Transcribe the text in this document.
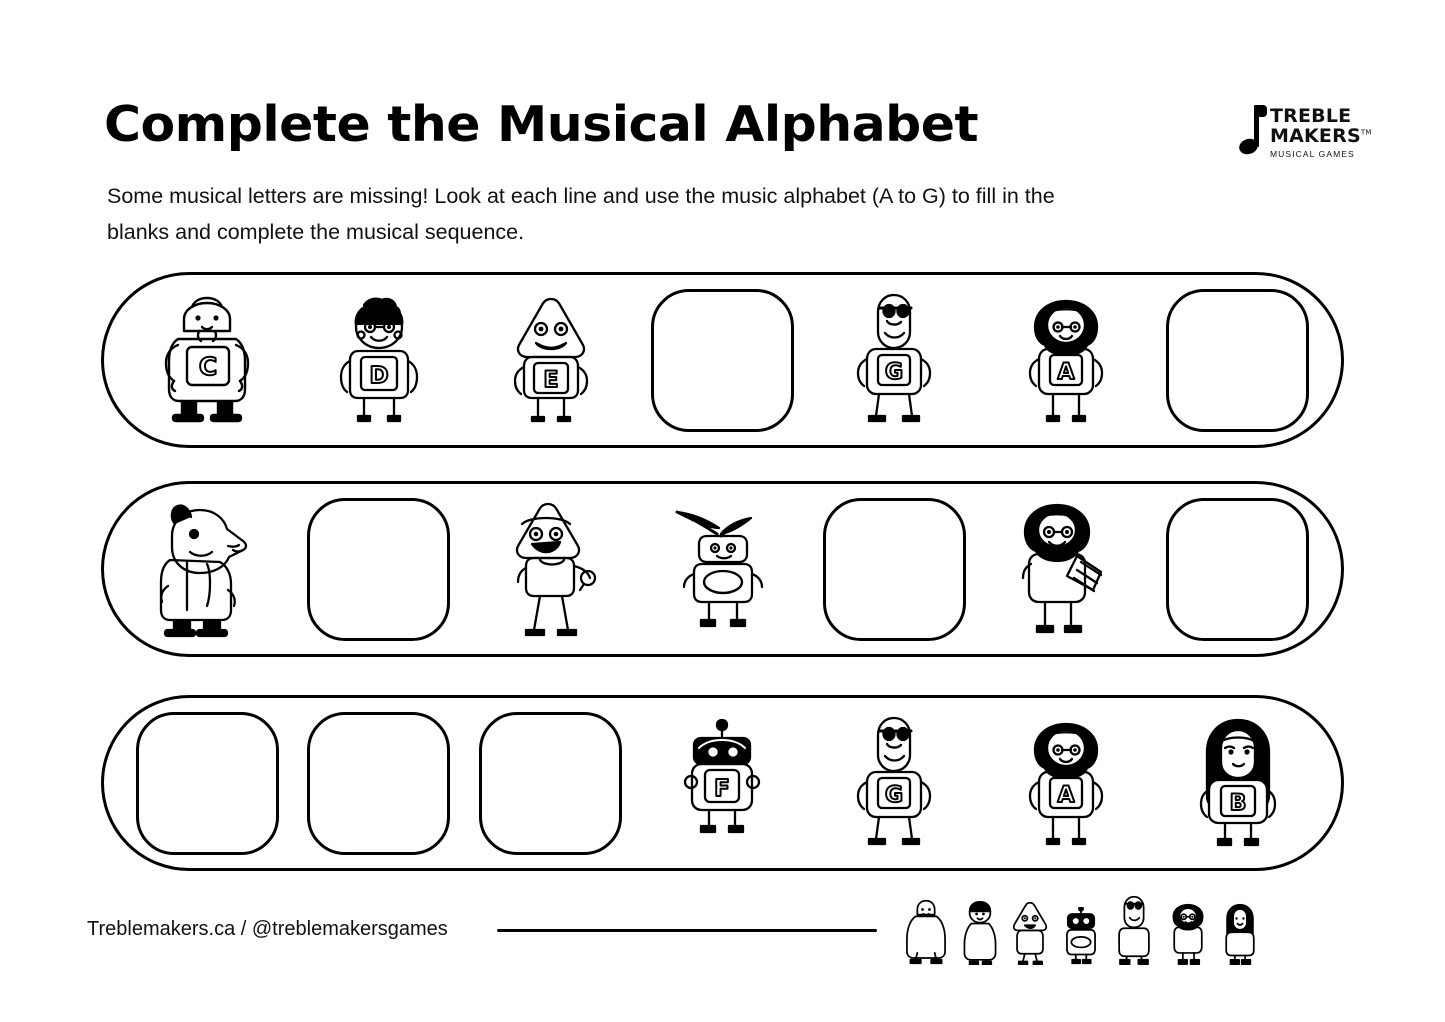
Complete the Musical Alphabet
Some musical letters are missing! Look at each line and use the music alphabet (A to G) to fill in the blanks and complete the musical sequence.
TREBLE
MAKERS™
MUSICAL GAMES
C	D	E	G	A
F	G	A	B
Treblemakers.ca / @treblemakersgames
